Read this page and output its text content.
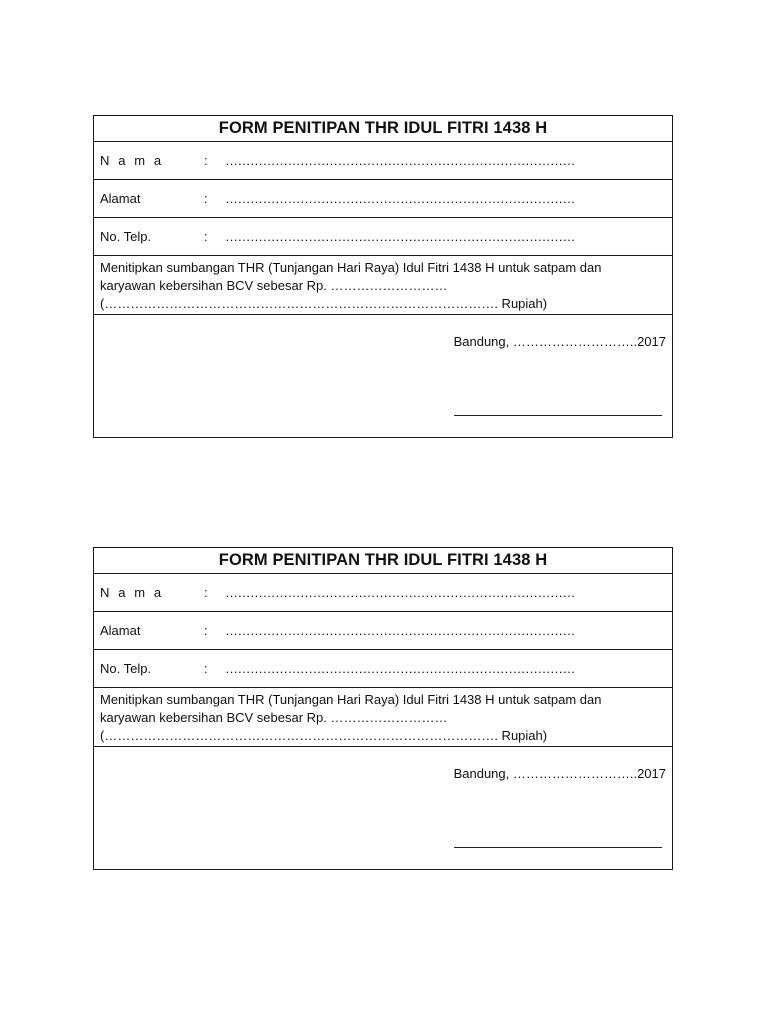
FORM PENITIPAN THR IDUL FITRI 1438 H
N a m a	: …………………………………………………………………………
Alamat	: …………………………………………………………………………
No. Telp.	: …………………………………………………………………………
Menitipkan sumbangan THR (Tunjangan Hari Raya) Idul Fitri 1438 H untuk satpam dan
karyawan kebersihan BCV sebesar Rp. ………………………
(………………………………………………………………………………. Rupiah)
Bandung, ………………………..2017
FORM PENITIPAN THR IDUL FITRI 1438 H
N a m a	: …………………………………………………………………………
Alamat	: …………………………………………………………………………
No. Telp.	: …………………………………………………………………………
Menitipkan sumbangan THR (Tunjangan Hari Raya) Idul Fitri 1438 H untuk satpam dan
karyawan kebersihan BCV sebesar Rp. ………………………
(………………………………………………………………………………. Rupiah)
Bandung, ………………………..2017
